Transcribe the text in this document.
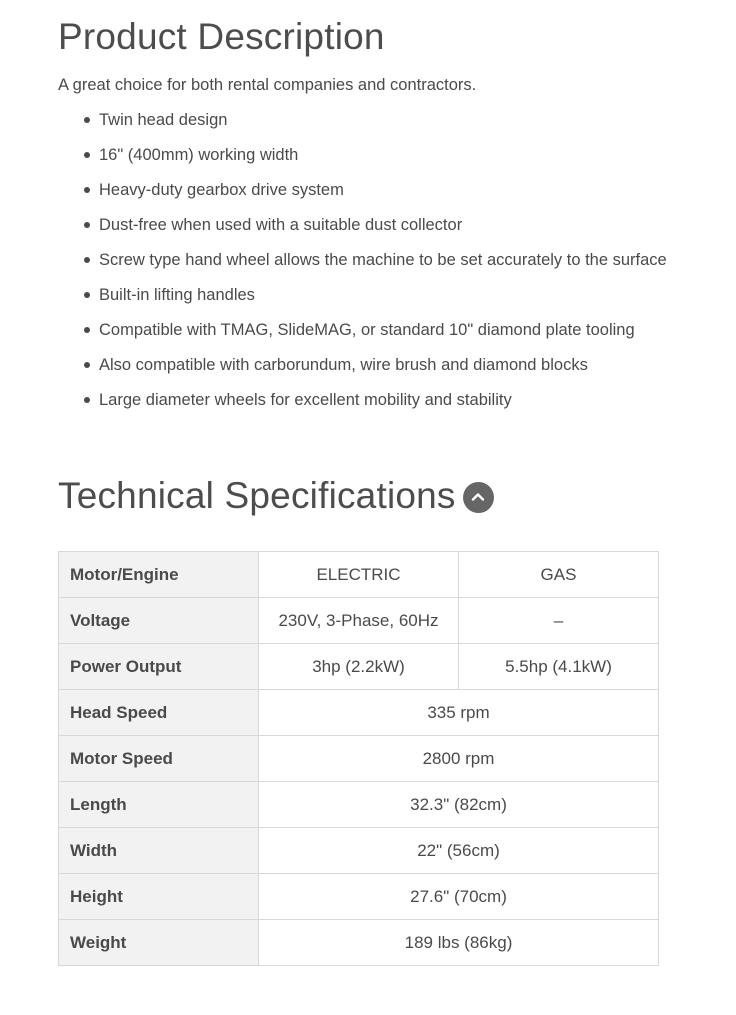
Product Description
A great choice for both rental companies and contractors.
Twin head design
16" (400mm) working width
Heavy-duty gearbox drive system
Dust-free when used with a suitable dust collector
Screw type hand wheel allows the machine to be set accurately to the surface
Built-in lifting handles
Compatible with TMAG, SlideMAG, or standard 10" diamond plate tooling
Also compatible with carborundum, wire brush and diamond blocks
Large diameter wheels for excellent mobility and stability
Technical Specifications
Motor/Engine	ELECTRIC	GAS
Voltage	230V, 3-Phase, 60Hz	–
Power Output	3hp (2.2kW)	5.5hp (4.1kW)
Head Speed	335 rpm	
Motor Speed	2800 rpm	
Length	32.3" (82cm)	
Width	22" (56cm)	
Height	27.6" (70cm)	
Weight	189 lbs (86kg)	
